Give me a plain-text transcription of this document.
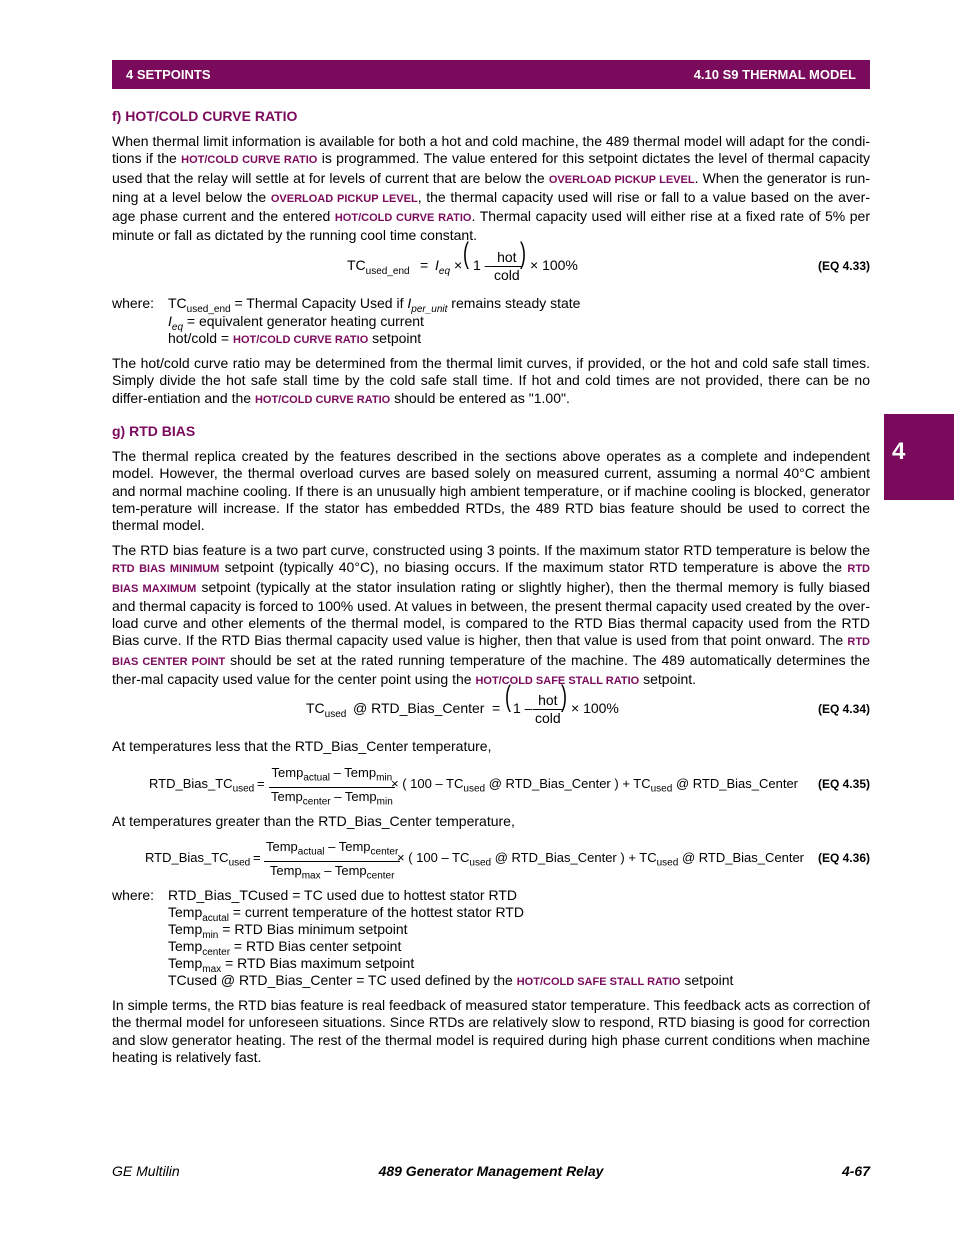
4 SETPOINTS	4.10 S9 THERMAL MODEL
4
f) HOT/COLD CURVE RATIO

When thermal limit information is available for both a hot and cold machine, the 489 thermal model will adapt for the condi-tions if the HOT/COLD CURVE RATIO is programmed. The value entered for this setpoint dictates the level of thermal capacity used that the relay will settle at for levels of current that are below the OVERLOAD PICKUP LEVEL. When the generator is run-ning at a level below the OVERLOAD PICKUP LEVEL, the thermal capacity used will rise or fall to a value based on the aver-age phase current and the entered HOT/COLD CURVE RATIO. Thermal capacity used will either rise at a fixed rate of 5% per minute or fall as dictated by the running cool time constant.

$TC_{used\_end} = I_{eq}$ × ( 1 – hot
cold
) × 100%	(EQ 4.33)
where: $TC_{used\_end}$ = Thermal Capacity Used if $I_{per\_unit}$ remains steady state
$I_{eq}$ = equivalent generator heating current
hot/cold = HOT/COLD CURVE RATIO setpoint

The hot/cold curve ratio may be determined from the thermal limit curves, if provided, or the hot and cold safe stall times. Simply divide the hot safe stall time by the cold safe stall time. If hot and cold times are not provided, there can be no differ-entiation and the HOT/COLD CURVE RATIO should be entered as "1.00".

g) RTD BIAS

The thermal replica created by the features described in the sections above operates as a complete and independent model. However, the thermal overload curves are based solely on measured current, assuming a normal 40°C ambient and normal machine cooling. If there is an unusually high ambient temperature, or if machine cooling is blocked, generator tem-perature will increase. If the stator has embedded RTDs, the 489 RTD bias feature should be used to correct the thermal model.

The RTD bias feature is a two part curve, constructed using 3 points. If the maximum stator RTD temperature is below the RTD BIAS MINIMUM setpoint (typically 40°C), no biasing occurs. If the maximum stator RTD temperature is above the RTD BIAS MAXIMUM setpoint (typically at the stator insulation rating or slightly higher), then the thermal memory is fully biased and thermal capacity is forced to 100% used. At values in between, the present thermal capacity used created by the over-load curve and other elements of the thermal model, is compared to the RTD Bias thermal capacity used from the RTD Bias curve. If the RTD Bias thermal capacity used value is higher, then that value is used from that point onward. The RTD BIAS CENTER POINT should be set at the rated running temperature of the machine. The 489 automatically determines the ther-mal capacity used value for the center point using the HOT/COLD SAFE STALL RATIO setpoint.

$TC_{used}$ @ RTD_Bias_Center = ( 1 – hot
cold
) × 100%	(EQ 4.34)

At temperatures less that the RTD_Bias_Center temperature,

$RTD\_Bias\_TC_{used}$ =
Temp$_{actual}$ – Temp$_{min}$
Temp$_{center}$ – Temp$_{min}$
× ( $100 - TC_{used}$ @ RTD_Bias_Center ) + $TC_{used}$ @ RTD_Bias_Center (EQ 4.35)

At temperatures greater than the RTD_Bias_Center temperature,

$RTD\_Bias\_TC_{used}$ =
Temp$_{actual}$ – Temp$_{center}$
Temp$_{max}$ – Temp$_{center}$
× ( $100 - TC_{used}$ @ RTD_Bias_Center ) + $TC_{used}$ @ RTD_Bias_Center (EQ 4.36)
where: RTD_Bias_TCused = TC used due to hottest stator RTD
Temp$_{acutal}$ = current temperature of the hottest stator RTD
Temp$_{min}$ = RTD Bias minimum setpoint
Temp$_{center}$ = RTD Bias center setpoint
Temp$_{max}$ = RTD Bias maximum setpoint
TCused @ RTD_Bias_Center = TC used defined by the HOT/COLD SAFE STALL RATIO setpoint

In simple terms, the RTD bias feature is real feedback of measured stator temperature. This feedback acts as correction of the thermal model for unforeseen situations. Since RTDs are relatively slow to respond, RTD biasing is good for correction and slow generator heating. The rest of the thermal model is required during high phase current conditions when machine heating is relatively fast.

GE Multilin	489 Generator Management Relay	4-67
